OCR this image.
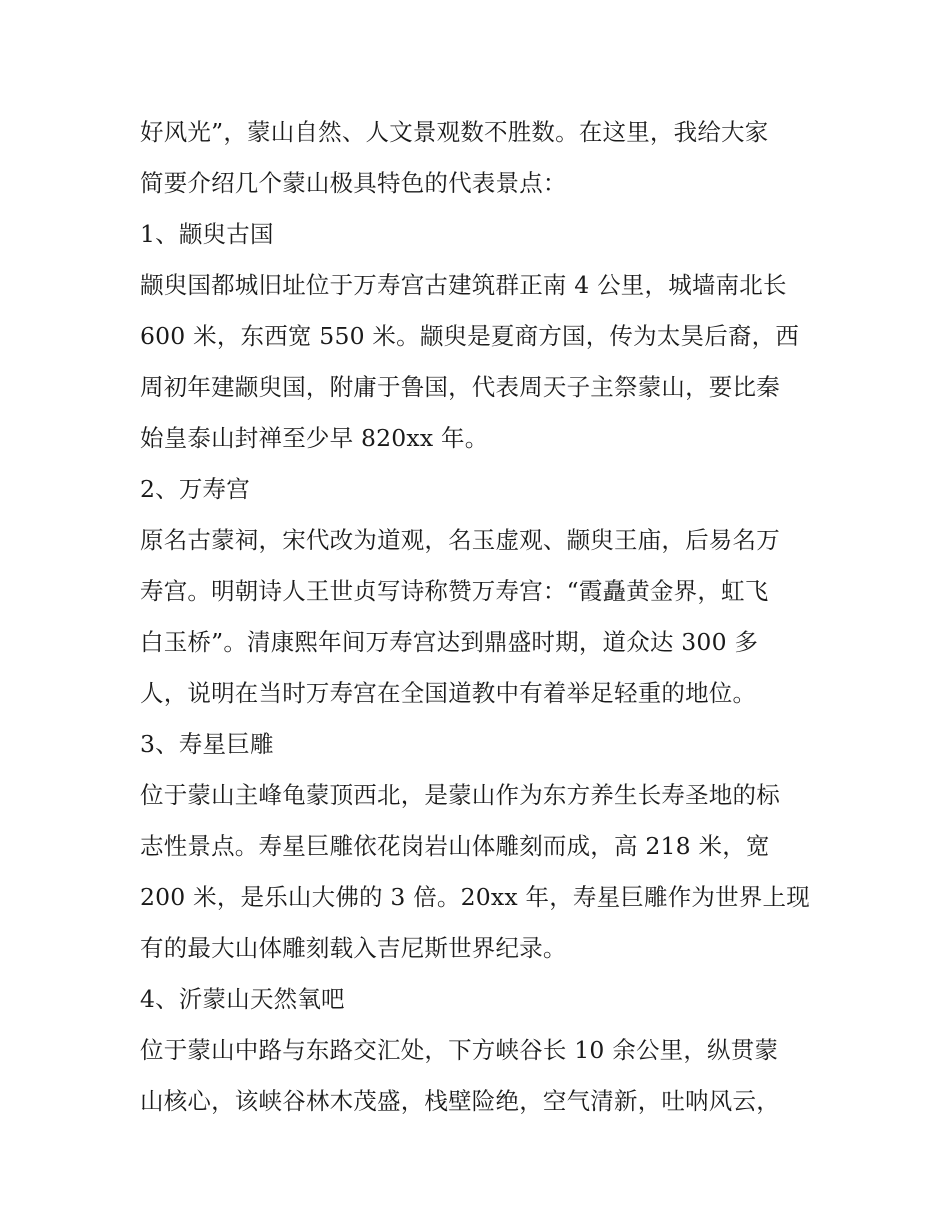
好风光”，蒙山自然、人文景观数不胜数。在这里，我给大家
简要介绍几个蒙山极具特色的代表景点：
1、颛臾古国
颛臾国都城旧址位于万寿宫古建筑群正南 4 公里，城墙南北长
600 米，东西宽 550 米。颛臾是夏商方国，传为太昊后裔，西
周初年建颛臾国，附庸于鲁国，代表周天子主祭蒙山，要比秦
始皇泰山封禅至少早 820xx 年。
2、万寿宫
原名古蒙祠，宋代改为道观，名玉虚观、颛臾王庙，后易名万
寿宫。明朝诗人王世贞写诗称赞万寿宫：“霞矗黄金界，虹飞
白玉桥”。清康熙年间万寿宫达到鼎盛时期，道众达 300 多
人，说明在当时万寿宫在全国道教中有着举足轻重的地位。
3、寿星巨雕
位于蒙山主峰龟蒙顶西北，是蒙山作为东方养生长寿圣地的标
志性景点。寿星巨雕依花岗岩山体雕刻而成，高 218 米，宽
200 米，是乐山大佛的 3 倍。20xx 年，寿星巨雕作为世界上现
有的最大山体雕刻载入吉尼斯世界纪录。
4、沂蒙山天然氧吧
位于蒙山中路与东路交汇处，下方峡谷长 10 余公里，纵贯蒙
山核心，该峡谷林木茂盛，栈壁险绝，空气清新，吐呐风云，
